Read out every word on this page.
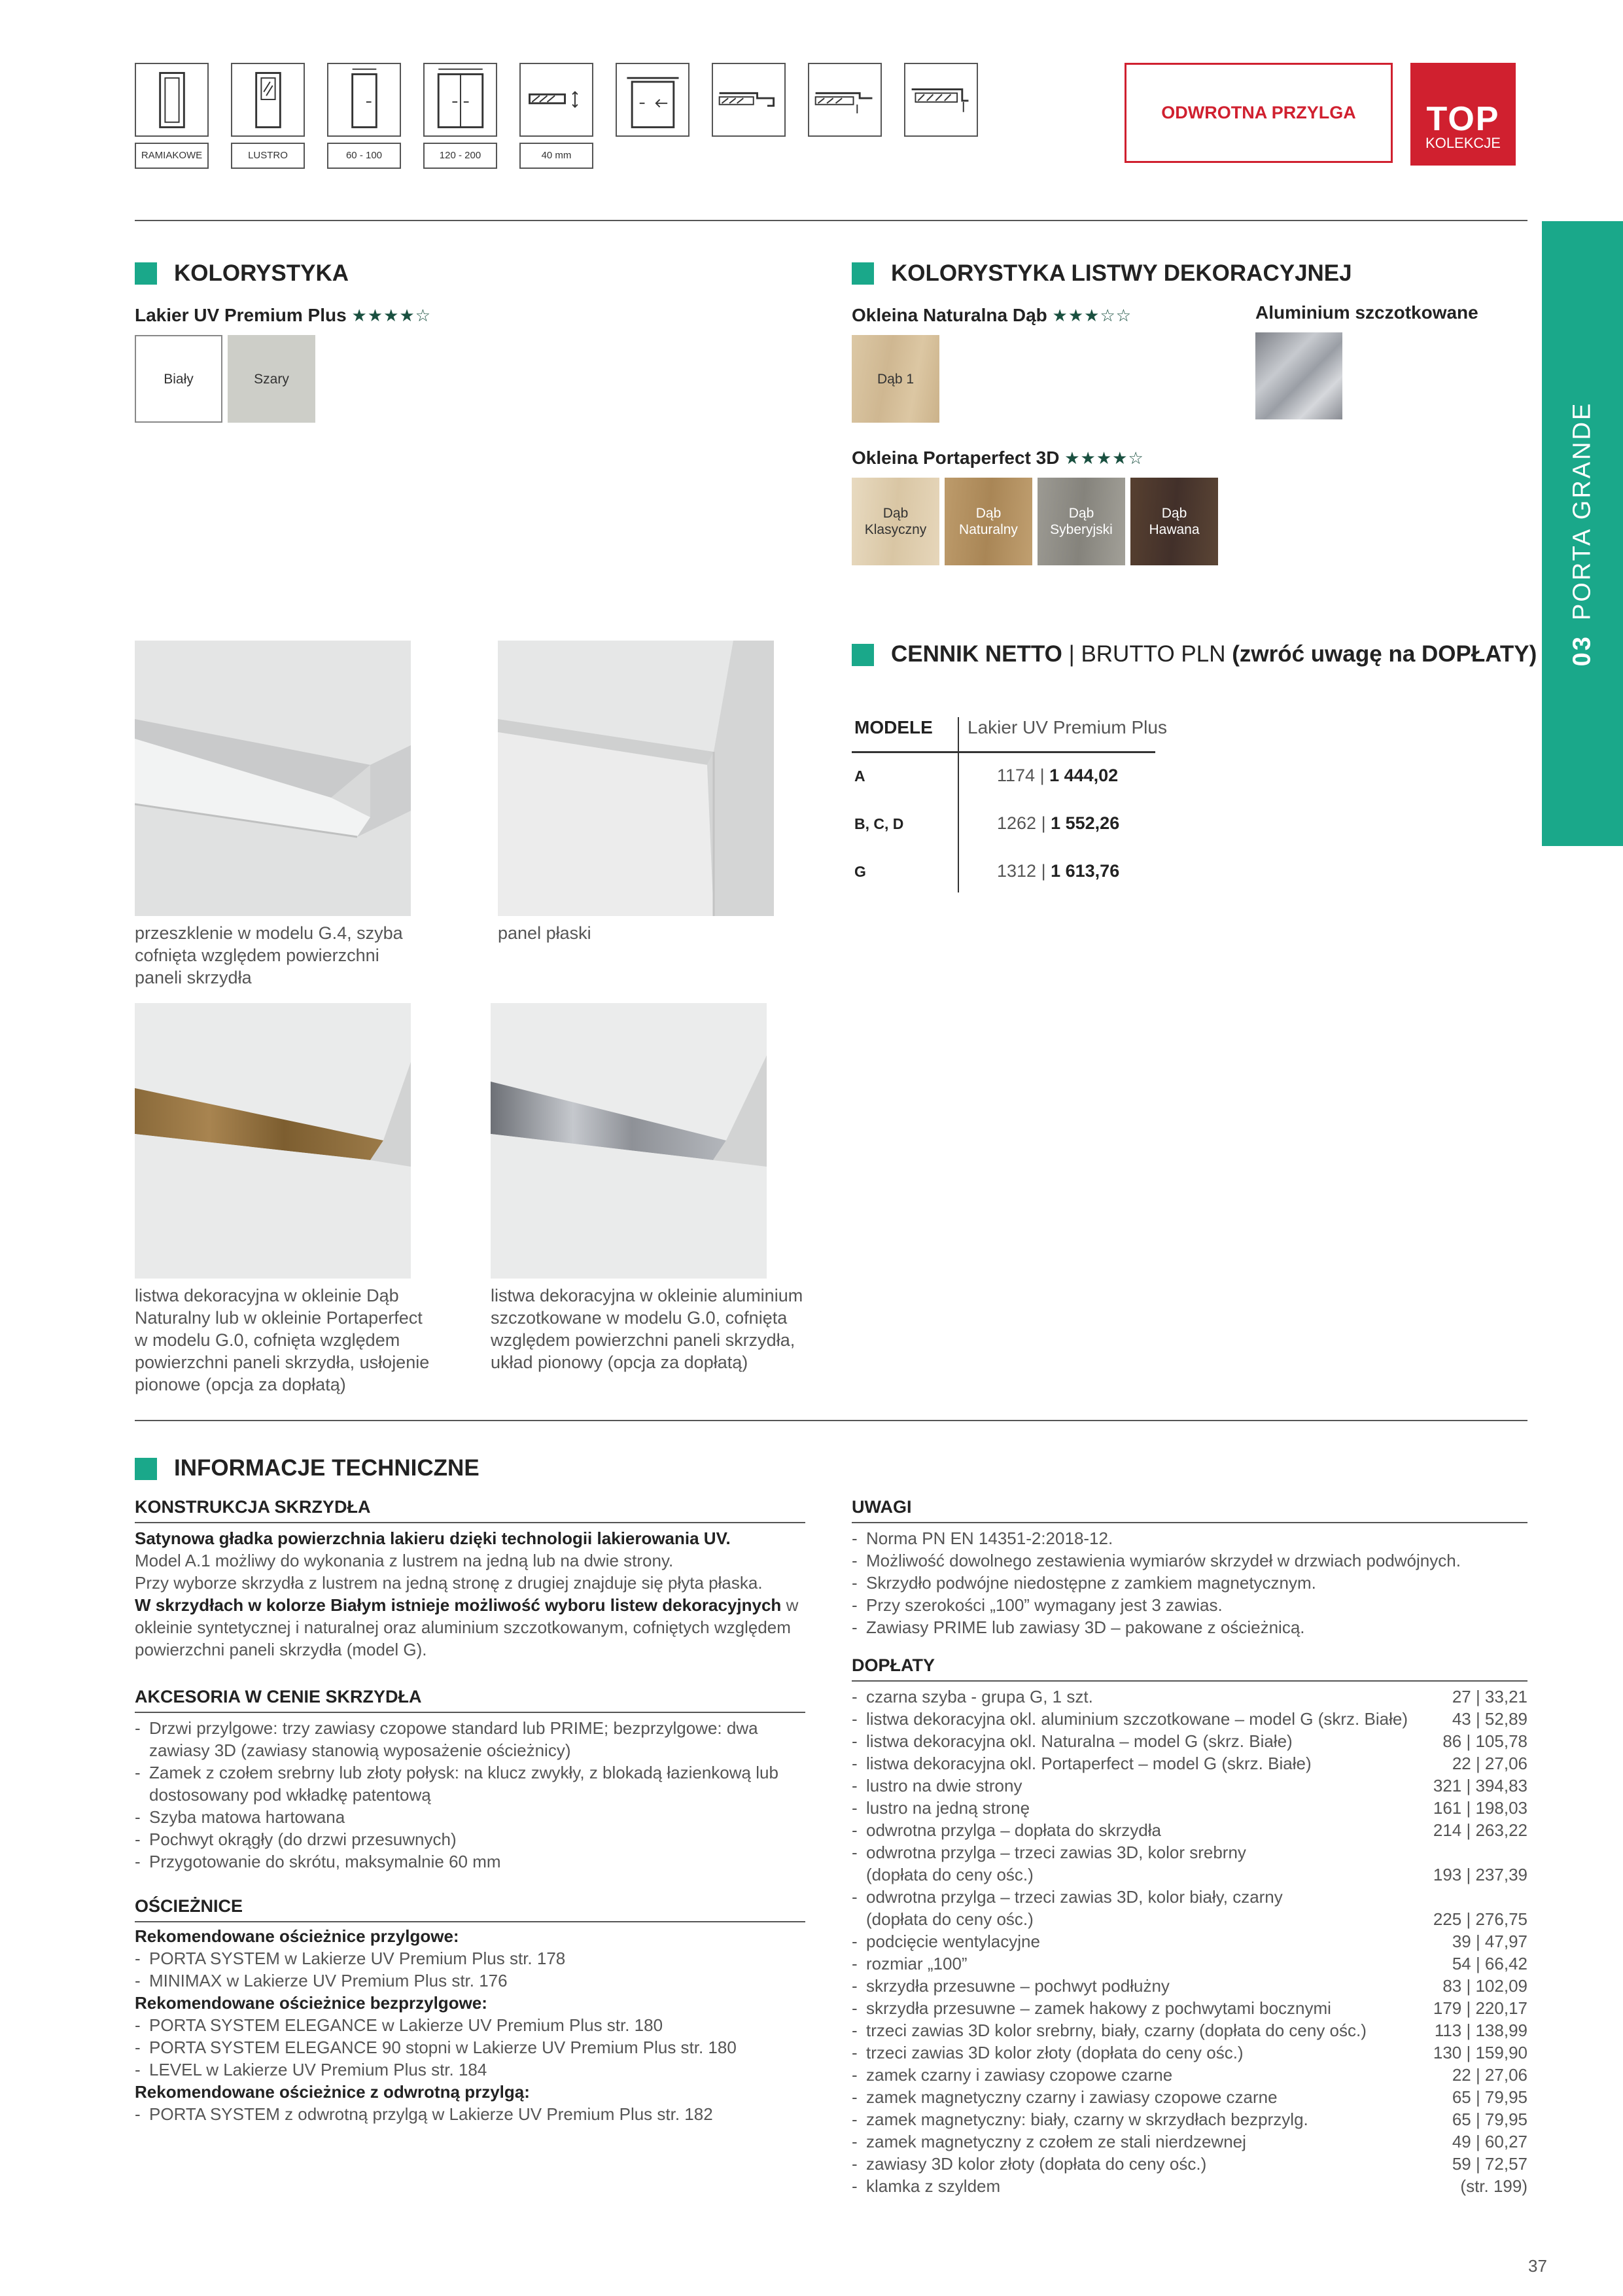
RAMIAKOWE	LUSTRO	60 - 100	120 - 200	40 mm
ODWROTNA PRZYLGA	TOP
KOLEKCJE
03PORTA GRANDE
KOLORYSTYKA
Lakier UV Premium Plus ★★★★☆
Biały	Szary
KOLORYSTYKA LISTWY DEKORACYJNEJ
Okleina Naturalna Dąb ★★★☆☆
Dąb 1
Aluminium szczotkowane
Okleina Portaperfect 3D ★★★★☆
Dąb
Klasyczny
Dąb
Naturalny
Dąb
Syberyjski
Dąb
Hawana
CENNIK NETTO | BRUTTO PLN (zwróć uwagę na DOPŁATY)
MODELE Lakier UV Premium Plus
A	1174 | 1 444,02
B, C, D	1262 | 1 552,26
G	1312 | 1 613,76
przeszklenie w modelu G.4, szyba cofnięta względem powierzchni paneli skrzydła
panel płaski
listwa dekoracyjna w okleinie Dąb Naturalny lub w okleinie Portaperfect w modelu G.0, cofnięta względem powierzchni paneli skrzydła, usłojenie pionowe (opcja za dopłatą)
listwa dekoracyjna w okleinie aluminium szczotkowane w modelu G.0, cofnięta względem powierzchni paneli skrzydła, układ pionowy (opcja za dopłatą)
INFORMACJE TECHNICZNE
KONSTRUKCJA SKRZYDŁA
Satynowa gładka powierzchnia lakieru dzięki technologii lakierowania UV.
Model A.1 możliwy do wykonania z lustrem na jedną lub na dwie strony.
Przy wyborze skrzydła z lustrem na jedną stronę z drugiej znajduje się płyta płaska.
W skrzydłach w kolorze Białym istnieje możliwość wyboru listew dekoracyjnych w okleinie syntetycznej i naturalnej oraz aluminium szczotkowanym, cofniętych względem powierzchni paneli skrzydła (model G).
AKCESORIA W CENIE SKRZYDŁA
- Drzwi przylgowe: trzy zawiasy czopowe standard lub PRIME; bezprzylgowe: dwa zawiasy 3D (zawiasy stanowią wyposażenie ościeżnicy)
- Zamek z czołem srebrny lub złoty połysk: na klucz zwykły, z blokadą łazienkową lub dostosowany pod wkładkę patentową
- Szyba matowa hartowana
- Pochwyt okrągły (do drzwi przesuwnych)
- Przygotowanie do skrótu, maksymalnie 60 mm
OŚCIEŻNICE
Rekomendowane ościeżnice przylgowe:
- PORTA SYSTEM w Lakierze UV Premium Plus str. 178
- MINIMAX w Lakierze UV Premium Plus str. 176
Rekomendowane ościeżnice bezprzylgowe:
- PORTA SYSTEM ELEGANCE w Lakierze UV Premium Plus str. 180
- PORTA SYSTEM ELEGANCE 90 stopni w Lakierze UV Premium Plus str. 180
- LEVEL w Lakierze UV Premium Plus str. 184
Rekomendowane ościeżnice z odwrotną przylgą:
- PORTA SYSTEM z odwrotną przylgą w Lakierze UV Premium Plus str. 182
UWAGI
- Norma PN EN 14351-2:2018-12.
- Możliwość dowolnego zestawienia wymiarów skrzydeł w drzwiach podwójnych.
- Skrzydło podwójne niedostępne z zamkiem magnetycznym.
- Przy szerokości „100” wymagany jest 3 zawias.
- Zawiasy PRIME lub zawiasy 3D – pakowane z ościeżnicą.
DOPŁATY
- czarna szyba - grupa G, 1 szt.	27 | 33,21
- listwa dekoracyjna okl. aluminium szczotkowane – model G (skrz. Białe)	43 | 52,89
- listwa dekoracyjna okl. Naturalna – model G (skrz. Białe)	86 | 105,78
- listwa dekoracyjna okl. Portaperfect – model G (skrz. Białe)	22 | 27,06
- lustro na dwie strony	321 | 394,83
- lustro na jedną stronę	161 | 198,03
- odwrotna przylga – dopłata do skrzydła	214 | 263,22
- odwrotna przylga – trzeci zawias 3D, kolor srebrny
(dopłata do ceny ośc.)	193 | 237,39
- odwrotna przylga – trzeci zawias 3D, kolor biały, czarny
(dopłata do ceny ośc.)	225 | 276,75
- podcięcie wentylacyjne	39 | 47,97
- rozmiar „100”	54 | 66,42
- skrzydła przesuwne – pochwyt podłużny	83 | 102,09
- skrzydła przesuwne – zamek hakowy z pochwytami bocznymi	179 | 220,17
- trzeci zawias 3D kolor srebrny, biały, czarny (dopłata do ceny ośc.)	113 | 138,99
- trzeci zawias 3D kolor złoty (dopłata do ceny ośc.)	130 | 159,90
- zamek czarny i zawiasy czopowe czarne	22 | 27,06
- zamek magnetyczny czarny i zawiasy czopowe czarne	65 | 79,95
- zamek magnetyczny: biały, czarny w skrzydłach bezprzylg.	65 | 79,95
- zamek magnetyczny z czołem ze stali nierdzewnej	49 | 60,27
- zawiasy 3D kolor złoty (dopłata do ceny ośc.)	59 | 72,57
- klamka z szyldem	(str. 199)
37
